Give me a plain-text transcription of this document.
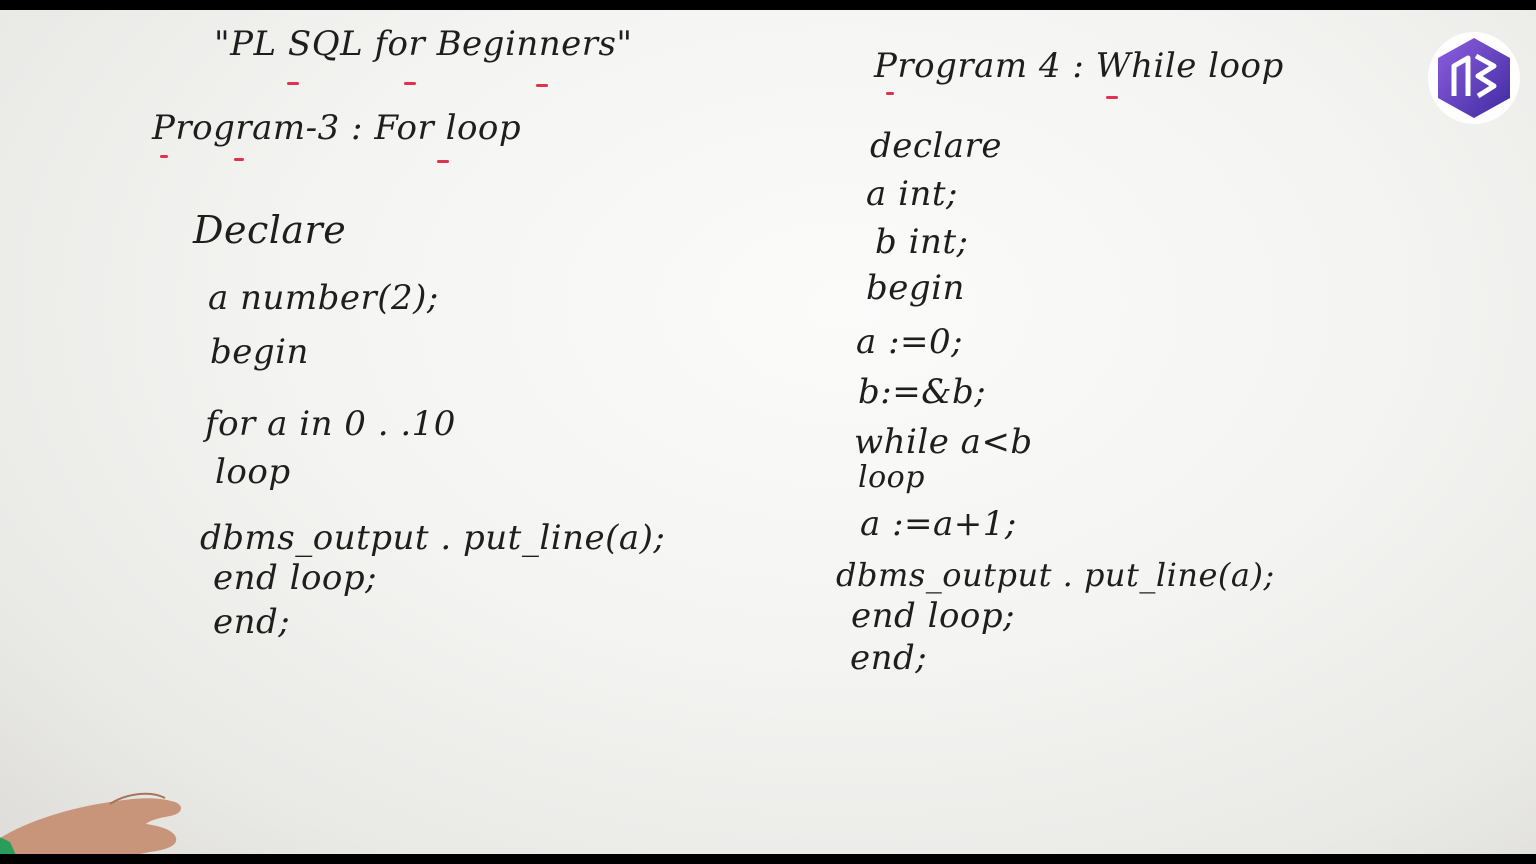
"PL SQL for Beginners"

Program-3 : For loop

Declare

a number(2);

begin

for a in 0 . .10

loop

dbms_output . put_line(a);

end loop;

end;

Program 4 : While loop

declare

a int;

b int;

begin

a :=0;

b:=&b;

while a<b

loop

a :=a+1;

dbms_output . put_line(a);

end loop;

end;
